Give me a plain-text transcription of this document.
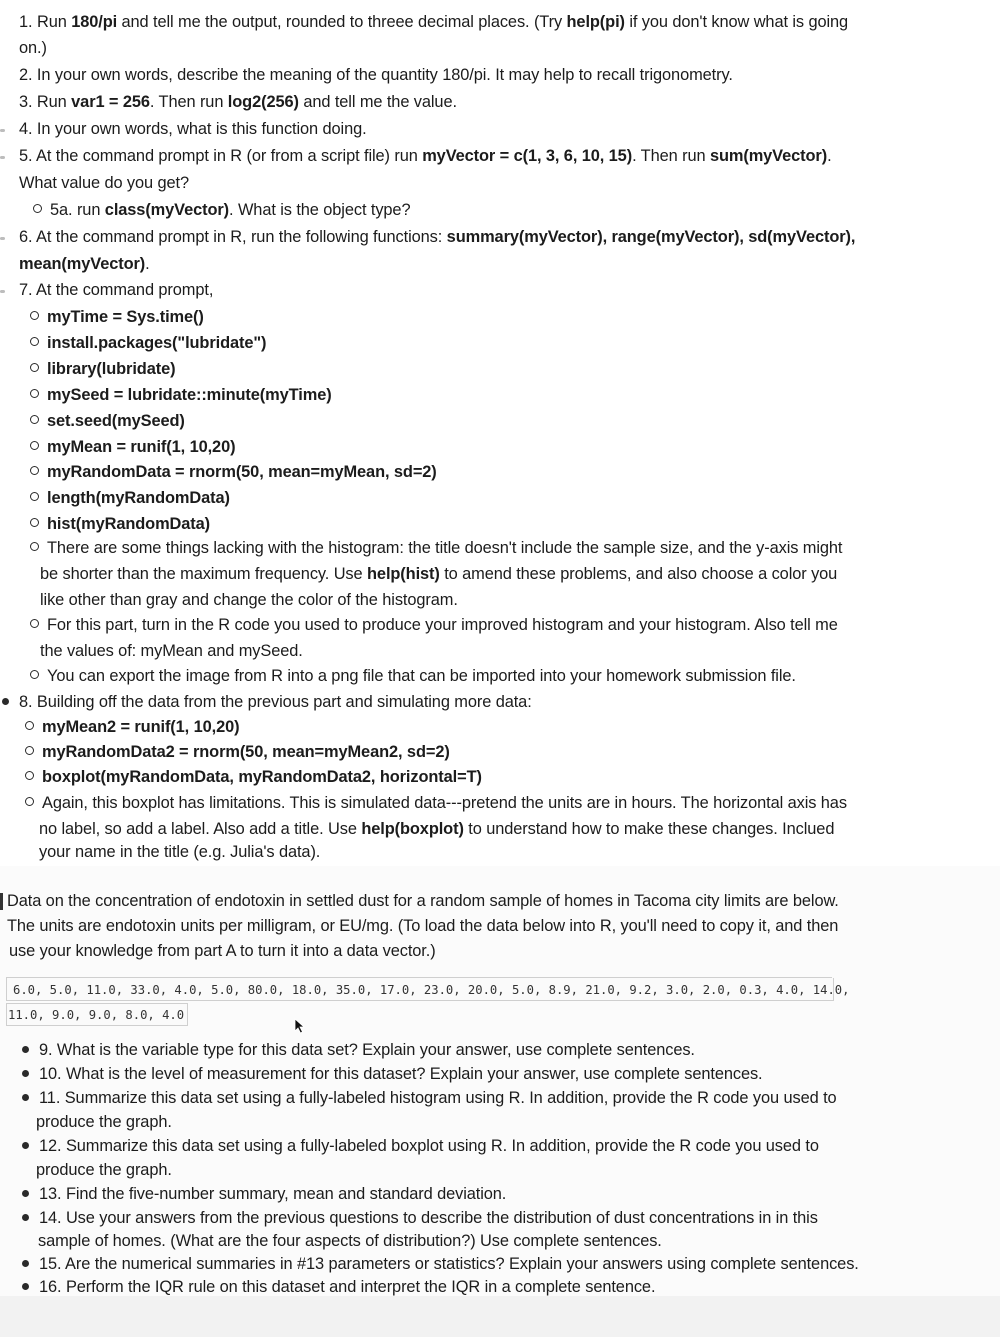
1. Run 180/pi and tell me the output, rounded to threee decimal places. (Try help(pi) if you don't know what is going
on.)
2. In your own words, describe the meaning of the quantity 180/pi. It may help to recall trigonometry.
3. Run var1 = 256. Then run log2(256) and tell me the value.
4. In your own words, what is this function doing.
5. At the command prompt in R (or from a script file) run myVector = c(1, 3, 6, 10, 15). Then run sum(myVector).
What value do you get?
5a. run class(myVector). What is the object type?
6. At the command prompt in R, run the following functions: summary(myVector), range(myVector), sd(myVector),
mean(myVector).
7. At the command prompt,
myTime = Sys.time()
install.packages("lubridate")
library(lubridate)
mySeed = lubridate::minute(myTime)
set.seed(mySeed)
myMean = runif(1, 10,20)
myRandomData = rnorm(50, mean=myMean, sd=2)
length(myRandomData)
hist(myRandomData)
There are some things lacking with the histogram: the title doesn't include the sample size, and the y-axis might
be shorter than the maximum frequency. Use help(hist) to amend these problems, and also choose a color you
like other than gray and change the color of the histogram.
For this part, turn in the R code you used to produce your improved histogram and your histogram. Also tell me
the values of: myMean and mySeed.
You can export the image from R into a png file that can be imported into your homework submission file.
8. Building off the data from the previous part and simulating more data:
myMean2 = runif(1, 10,20)
myRandomData2 = rnorm(50, mean=myMean2, sd=2)
boxplot(myRandomData, myRandomData2, horizontal=T)
Again, this boxplot has limitations. This is simulated data---pretend the units are in hours. The horizontal axis has
no label, so add a label. Also add a title. Use help(boxplot) to understand how to make these changes. Inclued
your name in the title (e.g. Julia's data).
Data on the concentration of endotoxin in settled dust for a random sample of homes in Tacoma city limits are below.
The units are endotoxin units per milligram, or EU/mg. (To load the data below into R, you'll need to copy it, and then
use your knowledge from part A to turn it into a data vector.)
6.0, 5.0, 11.0, 33.0, 4.0, 5.0, 80.0, 18.0, 35.0, 17.0, 23.0, 20.0, 5.0, 8.9, 21.0, 9.2, 3.0, 2.0, 0.3, 4.0, 14.0,
11.0, 9.0, 9.0, 8.0, 4.0
9. What is the variable type for this data set? Explain your answer, use complete sentences.
10. What is the level of measurement for this dataset? Explain your answer, use complete sentences.
11. Summarize this data set using a fully-labeled histogram using R. In addition, provide the R code you used to
produce the graph.
12. Summarize this data set using a fully-labeled boxplot using R. In addition, provide the R code you used to
produce the graph.
13. Find the five-number summary, mean and standard deviation.
14. Use your answers from the previous questions to describe the distribution of dust concentrations in in this
sample of homes. (What are the four aspects of distribution?) Use complete sentences.
15. Are the numerical summaries in #13 parameters or statistics? Explain your answers using complete sentences.
16. Perform the IQR rule on this dataset and interpret the IQR in a complete sentence.
